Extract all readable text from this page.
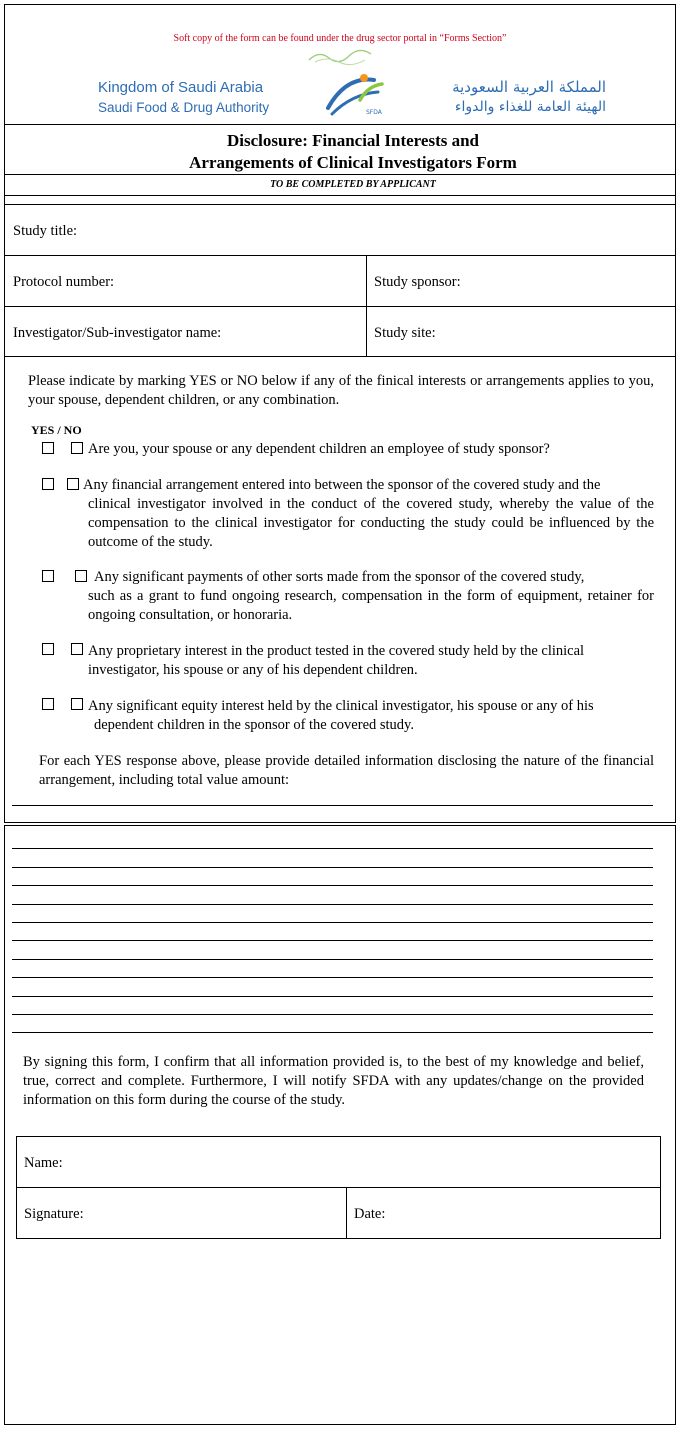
Soft copy of the form can be found under the drug sector portal in “Forms Section”
Kingdom of Saudi Arabia
Saudi Food & Drug Authority	SFDA
المملكة العربية السعودية
الهيئة العامة للغذاء والدواء
Disclosure: Financial Interests and
Arrangements of Clinical Investigators Form
TO BE COMPLETED BY APPLICANT
Study title:
Protocol number:	Study sponsor:
Investigator/Sub-investigator name:	Study site:
Please indicate by marking YES or NO below if any of the finical interests or arrangements applies to you, your spouse, dependent children, or any combination.
YES / NO
Are you, your spouse or any dependent children an employee of study sponsor?
Any financial arrangement entered into between the sponsor of the covered study and the
clinical investigator involved in the conduct of the covered study, whereby the value of the compensation to the clinical investigator for conducting the study could be influenced by the outcome of the study.
Any significant payments of other sorts made from the sponsor of the covered study,
such as a grant to fund ongoing research, compensation in the form of equipment, retainer for ongoing consultation, or honoraria.
Any proprietary interest in the product tested in the covered study held by the clinical
investigator, his spouse or any of his dependent children.
Any significant equity interest held by the clinical investigator, his spouse or any of his
dependent children in the sponsor of the covered study.
For each YES response above, please provide detailed information disclosing the nature of the financial arrangement, including total value amount:
By signing this form, I confirm that all information provided is, to the best of my knowledge and belief, true, correct and complete. Furthermore, I will notify SFDA with any updates/change on the provided information on this form during the course of the study.
Name:
Signature:	Date:
